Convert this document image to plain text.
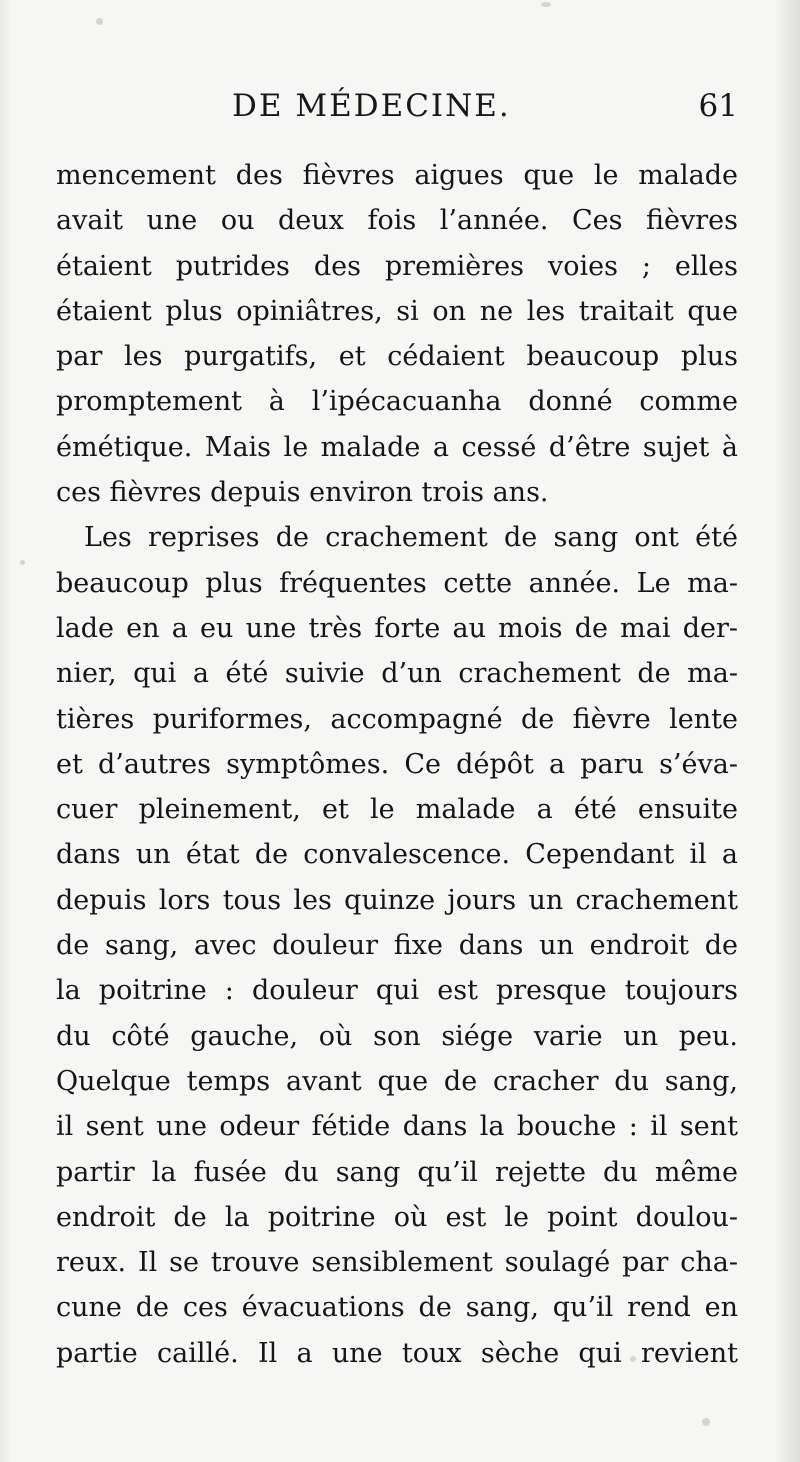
DE MÉDECINE.	61
mencement des fièvres aigues que le malade
avait une ou deux fois l’année. Ces fièvres
étaient putrides des premières voies ; elles
étaient plus opiniâtres, si on ne les traitait que
par les purgatifs, et cédaient beaucoup plus
promptement à l’ipécacuanha donné comme
émétique. Mais le malade a cessé d’être sujet à
ces fièvres depuis environ trois ans.
Les reprises de crachement de sang ont été
beaucoup plus fréquentes cette année. Le ma-
lade en a eu une très forte au mois de mai der-
nier, qui a été suivie d’un crachement de ma-
tières puriformes, accompagné de fièvre lente
et d’autres symptômes. Ce dépôt a paru s’éva-
cuer pleinement, et le malade a été ensuite
dans un état de convalescence. Cependant il a
depuis lors tous les quinze jours un crachement
de sang, avec douleur fixe dans un endroit de
la poitrine : douleur qui est presque toujours
du côté gauche, où son siége varie un peu.
Quelque temps avant que de cracher du sang,
il sent une odeur fétide dans la bouche : il sent
partir la fusée du sang qu’il rejette du même
endroit de la poitrine où est le point doulou-
reux. Il se trouve sensiblement soulagé par cha-
cune de ces évacuations de sang, qu’il rend en
partie caillé. Il a une toux sèche qui revient
